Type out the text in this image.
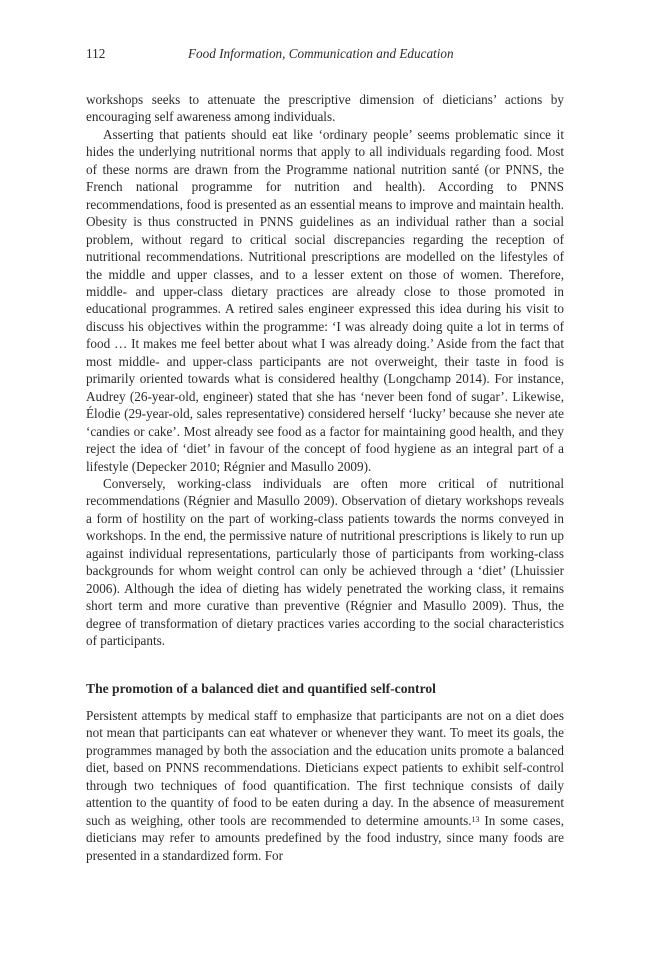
112	Food Information, Communication and Education

workshops seeks to attenuate the prescriptive dimension of dieticians’ actions by encouraging self awareness among individuals.

Asserting that patients should eat like ‘ordinary people’ seems problematic since it hides the underlying nutritional norms that apply to all individuals regarding food. Most of these norms are drawn from the Programme national nutrition santé (or PNNS, the French national programme for nutrition and health). According to PNNS recommendations, food is presented as an essential means to improve and maintain health. Obesity is thus constructed in PNNS guidelines as an individual rather than a social problem, without regard to critical social discrepancies regarding the reception of nutritional recommendations. Nutritional prescriptions are modelled on the lifestyles of the middle and upper classes, and to a lesser extent on those of women. Therefore, middle- and upper-class dietary practices are already close to those promoted in educational programmes. A retired sales engineer expressed this idea during his visit to discuss his objectives within the programme: ‘I was already doing quite a lot in terms of food … It makes me feel better about what I was already doing.’ Aside from the fact that most middle- and upper-class participants are not overweight, their taste in food is primarily oriented towards what is considered healthy (Longchamp 2014). For instance, Audrey (26-year-old, engineer) stated that she has ‘never been fond of sugar’. Likewise, Élodie (29-year-old, sales representative) considered herself ‘lucky’ because she never ate ‘candies or cake’. Most already see food as a factor for maintaining good health, and they reject the idea of ‘diet’ in favour of the concept of food hygiene as an integral part of a lifestyle (Depecker 2010; Régnier and Masullo 2009).

Conversely, working-class individuals are often more critical of nutritional recommendations (Régnier and Masullo 2009). Observation of dietary workshops reveals a form of hostility on the part of working-class patients towards the norms conveyed in workshops. In the end, the permissive nature of nutritional prescriptions is likely to run up against individual representations, particularly those of participants from working-class backgrounds for whom weight control can only be achieved through a ‘diet’ (Lhuissier 2006). Although the idea of dieting has widely penetrated the working class, it remains short term and more curative than preventive (Régnier and Masullo 2009). Thus, the degree of transformation of dietary practices varies according to the social characteristics of participants.

The promotion of a balanced diet and quantified self-control

Persistent attempts by medical staff to emphasize that participants are not on a diet does not mean that participants can eat whatever or whenever they want. To meet its goals, the programmes managed by both the association and the education units promote a balanced diet, based on PNNS recommendations. Dieticians expect patients to exhibit self-control through two techniques of food quantification. The first technique consists of daily attention to the quantity of food to be eaten during a day. In the absence of measurement such as weighing, other tools are recommended to determine amounts.$^{13}$ In some cases, dieticians may refer to amounts predefined by the food industry, since many foods are presented in a standardized form. For
